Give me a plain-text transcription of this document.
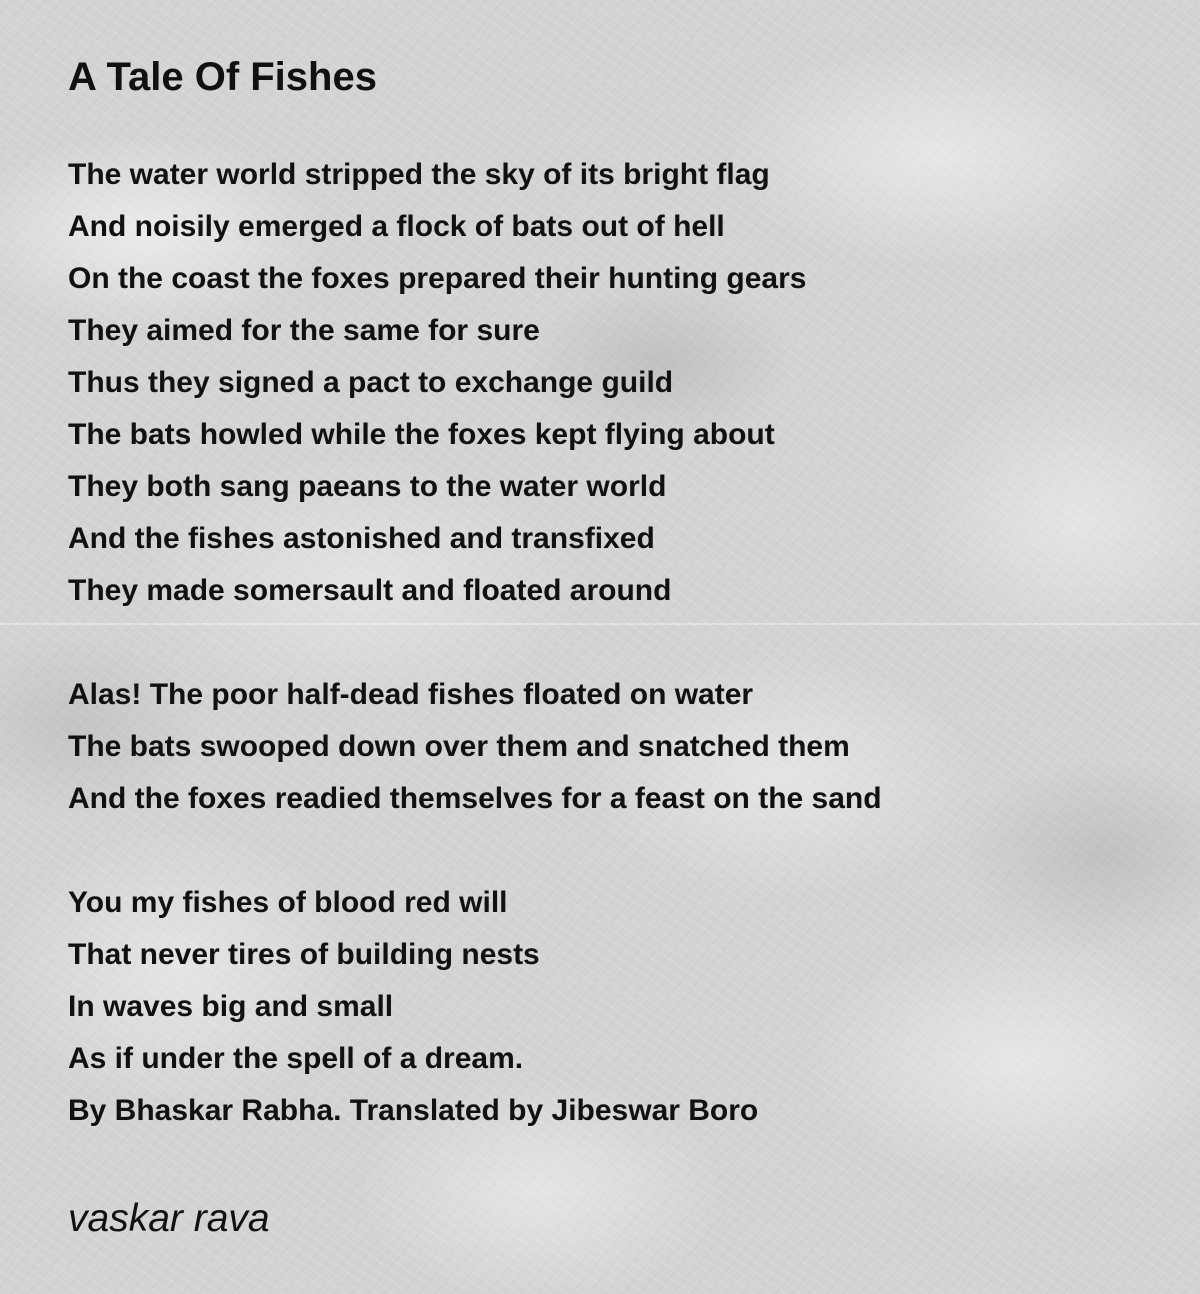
A Tale Of Fishes

The water world stripped the sky of its bright flag

And noisily emerged a flock of bats out of hell

On the coast the foxes prepared their hunting gears

They aimed for the same for sure

Thus they signed a pact to exchange guild

The bats howled while the foxes kept flying about

They both sang paeans to the water world

And the fishes astonished and transfixed

They made somersault and floated around

Alas! The poor half-dead fishes floated on water

The bats swooped down over them and snatched them

And the foxes readied themselves for a feast on the sand

You my fishes of blood red will

That never tires of building nests

In waves big and small

As if under the spell of a dream.

By Bhaskar Rabha. Translated by Jibeswar Boro

vaskar rava
